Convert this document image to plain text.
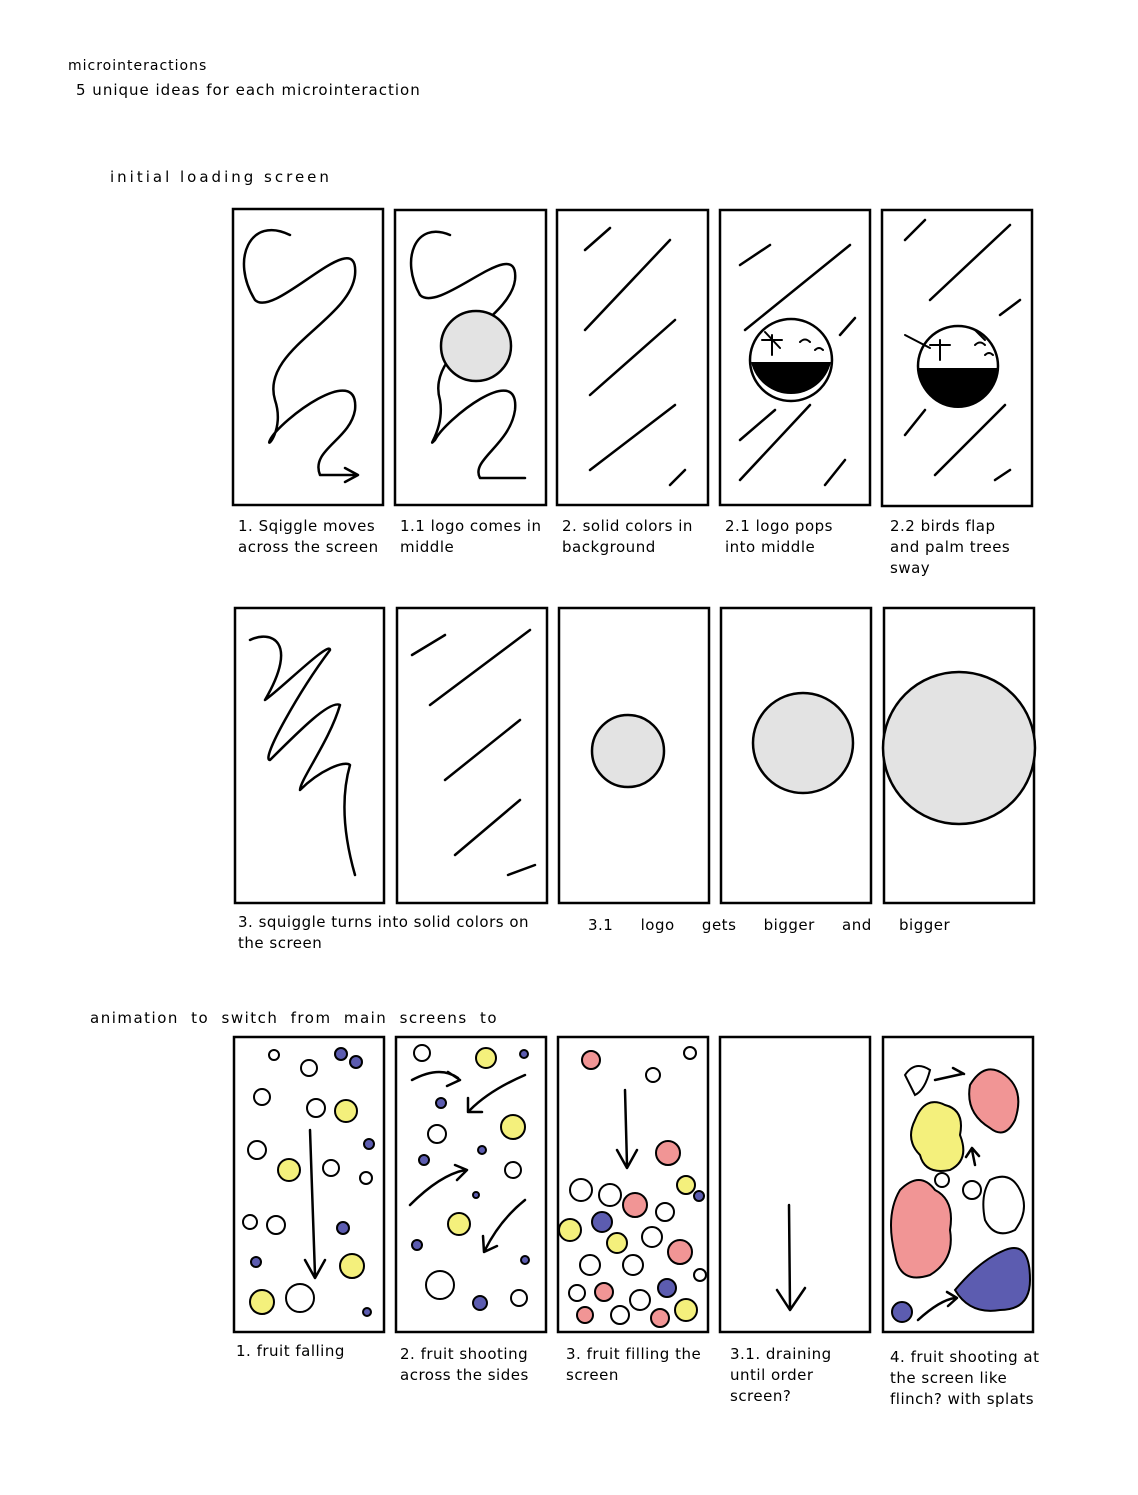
microinteractions
5 unique ideas for each microinteraction
initial loading screen
1. Sqiggle moves across the screen
1.1 logo comes in middle
2. solid colors in background
2.1 logo pops into middle
2.2 birds flap and palm trees sway
3. squiggle turns into solid colors on the screen
3.1 logo gets bigger and bigger
animation to switch from main screens to
1. fruit falling	2. fruit shooting across the sides
3. fruit filling the screen
3.1. draining until order screen?
4. fruit shooting at the screen like flinch? with splats
